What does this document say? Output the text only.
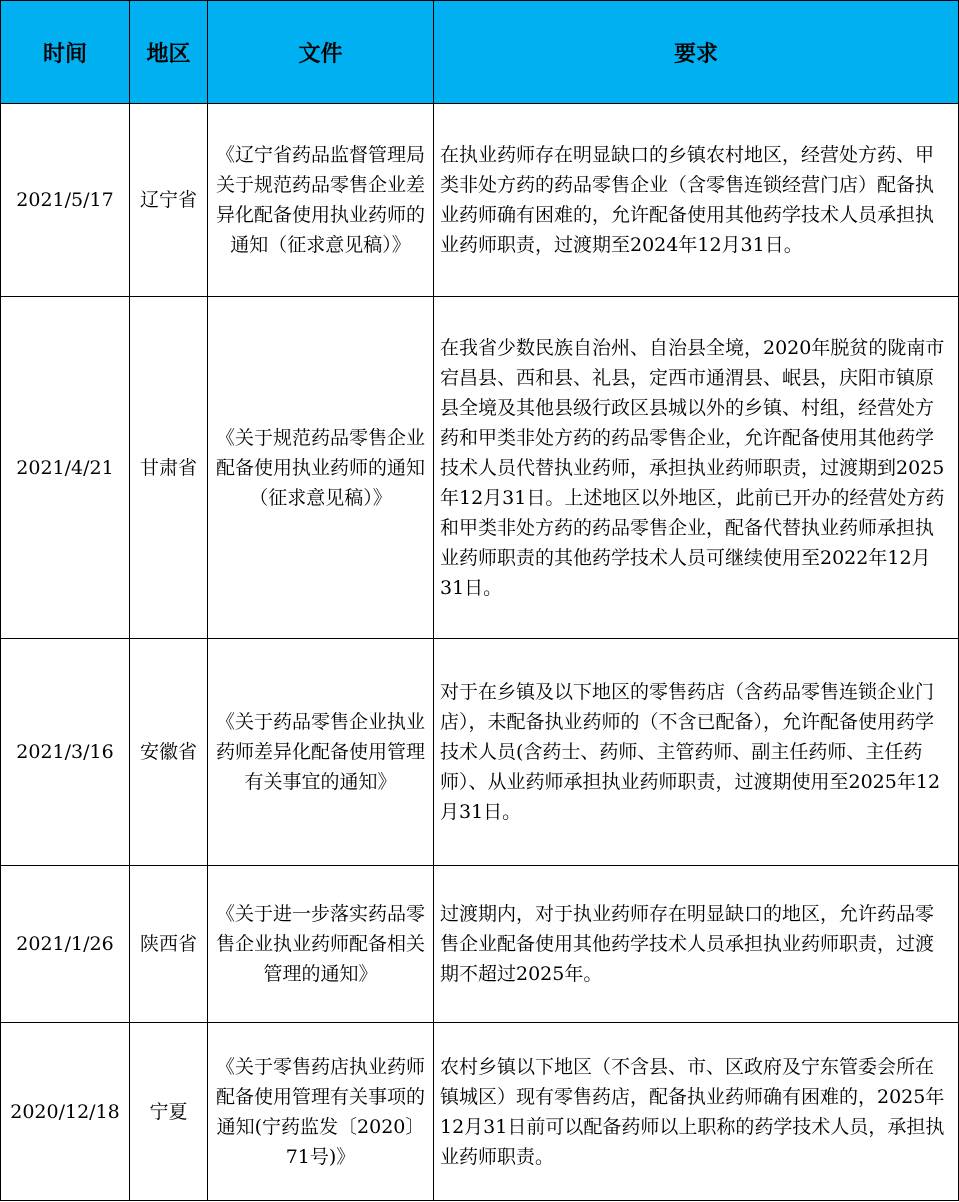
时间	地区	文件	要求
2021/5/17	辽宁省	《辽宁省药品监督管理局关于规范药品零售企业差异化配备使用执业药师的通知（征求意见稿）》	在执业药师存在明显缺口的乡镇农村地区，经营处方药、甲类非处方药的药品零售企业（含零售连锁经营门店）配备执业药师确有困难的，允许配备使用其他药学技术人员承担执业药师职责，过渡期至2024年12月31日。
2021/4/21	甘肃省	《关于规范药品零售企业配备使用执业药师的通知（征求意见稿）》	在我省少数民族自治州、自治县全境，2020年脱贫的陇南市宕昌县、西和县、礼县，定西市通渭县、岷县，庆阳市镇原县全境及其他县级行政区县城以外的乡镇、村组，经营处方药和甲类非处方药的药品零售企业，允许配备使用其他药学技术人员代替执业药师，承担执业药师职责，过渡期到2025年12月31日。上述地区以外地区，此前已开办的经营处方药和甲类非处方药的药品零售企业，配备代替执业药师承担执业药师职责的其他药学技术人员可继续使用至2022年12月31日。
2021/3/16	安徽省	《关于药品零售企业执业药师差异化配备使用管理有关事宜的通知》	对于在乡镇及以下地区的零售药店（含药品零售连锁企业门店），未配备执业药师的（不含已配备），允许配备使用药学技术人员(含药士、药师、主管药师、副主任药师、主任药师）、从业药师承担执业药师职责，过渡期使用至2025年12月31日。
2021/1/26	陕西省	《关于进一步落实药品零售企业执业药师配备相关管理的通知》	过渡期内，对于执业药师存在明显缺口的地区，允许药品零售企业配备使用其他药学技术人员承担执业药师职责，过渡期不超过2025年。
2020/12/18	宁夏	《关于零售药店执业药师配备使用管理有关事项的通知(宁药监发〔2020〕71号)》	农村乡镇以下地区（不含县、市、区政府及宁东管委会所在镇城区）现有零售药店，配备执业药师确有困难的，2025年12月31日前可以配备药师以上职称的药学技术人员，承担执业药师职责。
